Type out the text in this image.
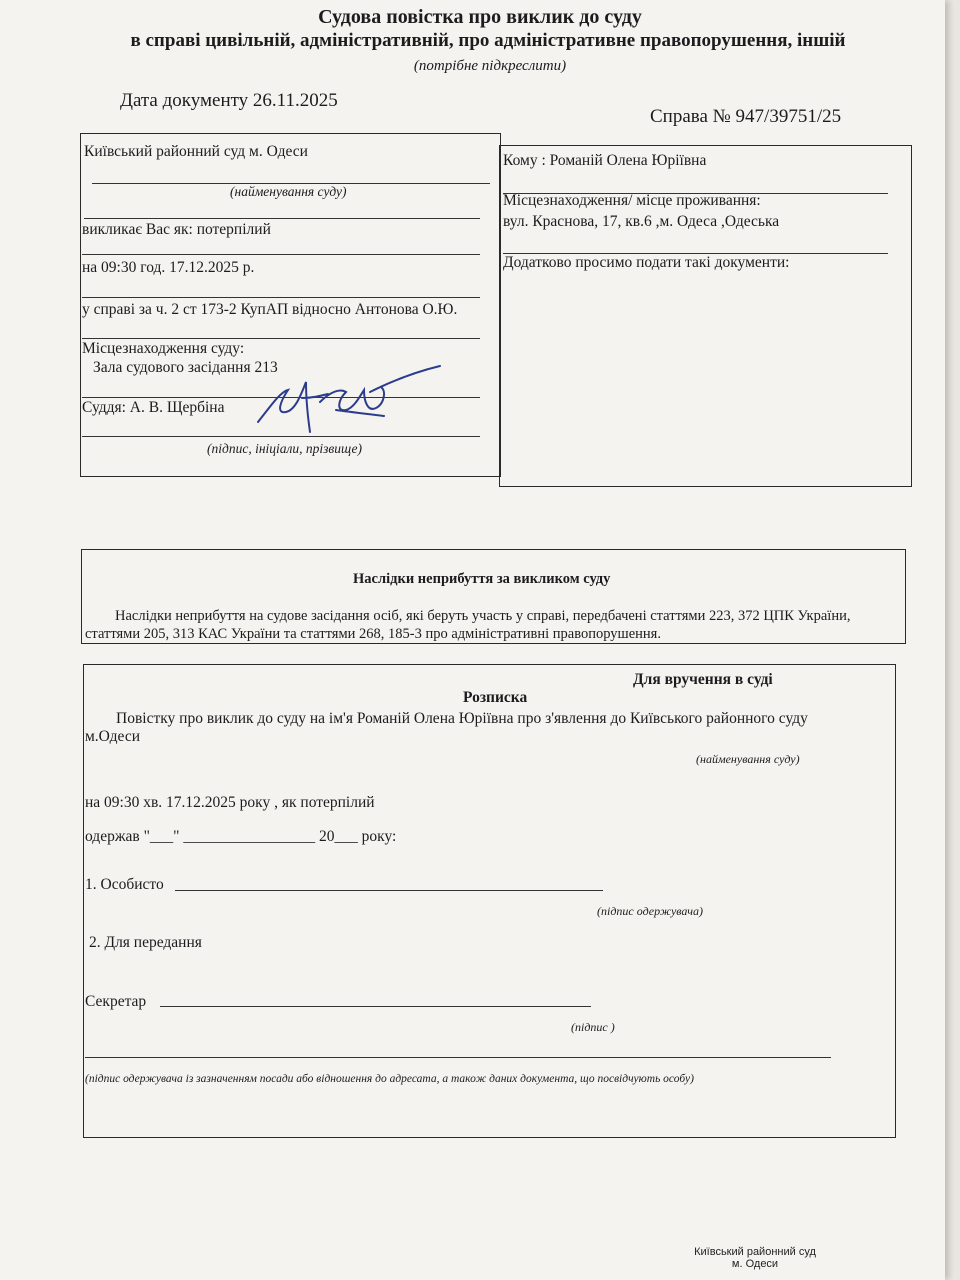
Судова повістка про виклик до суду
в справі цивільній, адміністративній, про адміністративне правопорушення, іншій
(потрібне підкреслити)
Дата документу 26.11.2025
Справа № 947/39751/25
Київський районний суд м. Одеси
(найменування суду)
викликає Вас як: потерпілий
на 09:30 год. 17.12.2025 р.
у справі за ч. 2 ст 173-2 КупАП відносно Антонова О.Ю.
Місцезнаходження суду:
Зала судового засідання 213
Суддя: А. В. Щербіна
(підпис, ініціали, прізвище)
Кому : Романій Олена Юріївна
Місцезнаходження/ місце проживання:
вул. Краснова, 17, кв.6 ,м. Одеса ,Одеська
Додатково просимо подати такі документи:
Наслідки неприбуття за викликом суду
Наслідки неприбуття на судове засідання осіб, які беруть участь у справі, передбачені статтями 223, 372 ЦПК України,
статтями 205, 313 КАС України та статтями 268, 185-3 про адміністративні правопорушення.
Для вручення в суді
Розписка
Повістку про виклик до суду на ім'я Романій Олена Юріївна про з'явлення до Київського районного суду
м.Одеси
(найменування суду)
на 09:30 хв. 17.12.2025 року , як потерпілий
одержав "___" _________________ 20___ року:
1. Особисто
(підпис одержувача)
2. Для передання
Секретар
(підпис )
(підпис одержувача із зазначенням посади або відношення до адресата, а також даних документа, що посвідчують особу)
Київський районний суд
м. Одеси
